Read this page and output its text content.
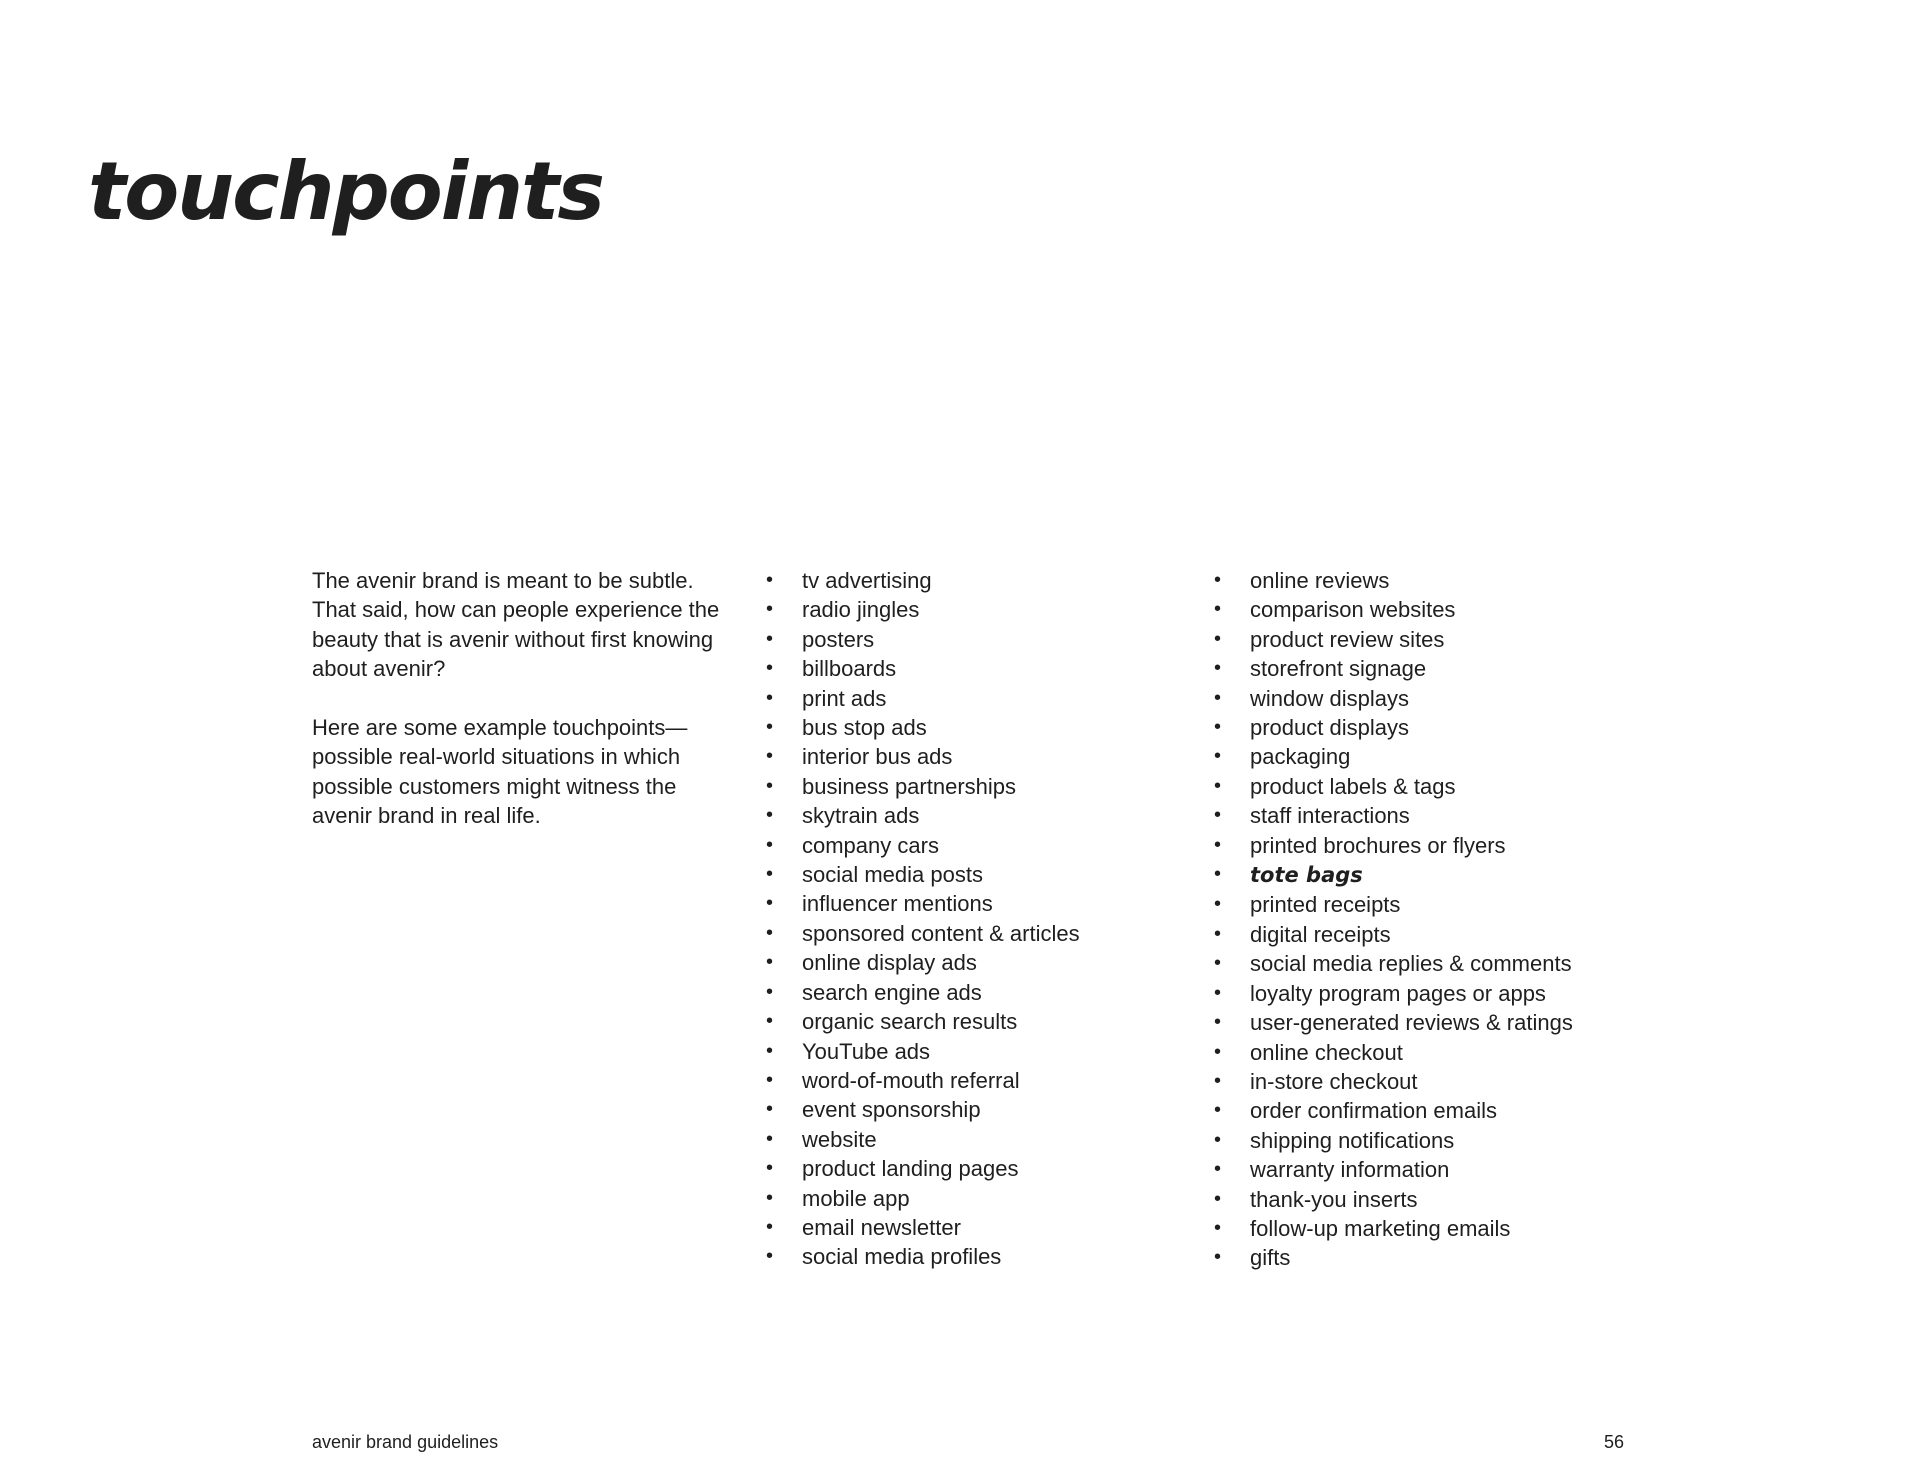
touchpoints

The avenir brand is meant to be subtle. That said, how can people experience the beauty that is avenir without first knowing about avenir?

Here are some example touchpoints—possible real-world situations in which possible customers might witness the avenir brand in real life.

• tv advertising
• radio jingles
• posters
• billboards
• print ads
• bus stop ads
• interior bus ads
• business partnerships
• skytrain ads
• company cars
• social media posts
• influencer mentions
• sponsored content & articles
• online display ads
• search engine ads
• organic search results
• YouTube ads
• word-of-mouth referral
• event sponsorship
• website
• product landing pages
• mobile app
• email newsletter
• social media profiles
• online reviews
• comparison websites
• product review sites
• storefront signage
• window displays
• product displays
• packaging
• product labels & tags
• staff interactions
• printed brochures or flyers
• tote bags
• printed receipts
• digital receipts
• social media replies & comments
• loyalty program pages or apps
• user-generated reviews & ratings
• online checkout
• in-store checkout
• order confirmation emails
• shipping notifications
• warranty information
• thank-you inserts
• follow-up marketing emails
• gifts
avenir brand guidelines	56
